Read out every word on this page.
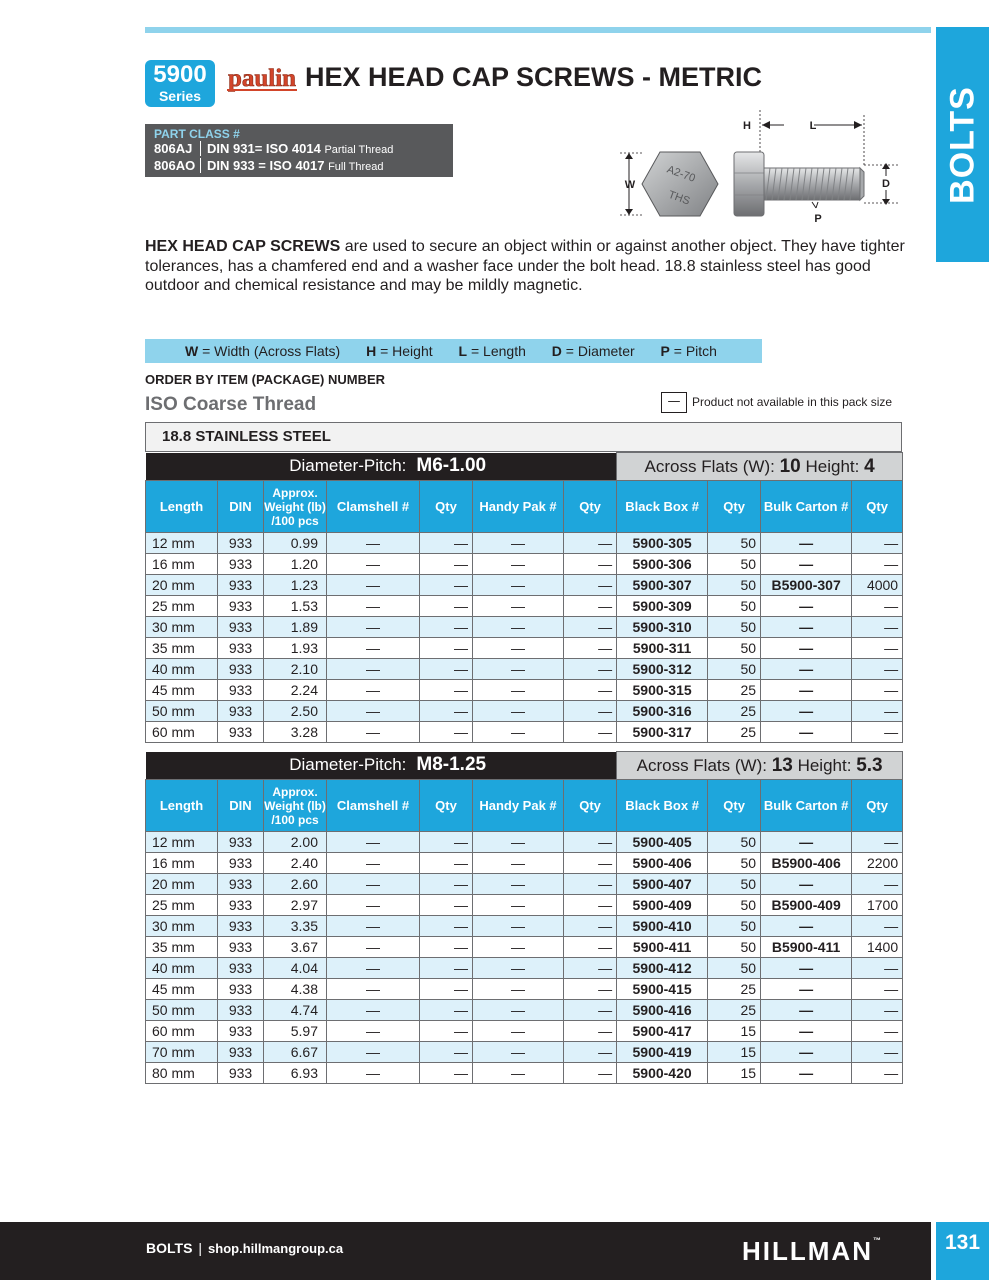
BOLTS
5900
Series
paulin HEX HEAD CAP SCREWS - METRIC
PART CLASS #
806AJ DIN 931= ISO 4014 Partial Thread
806AO DIN 933 = ISO 4017 Full Thread
W
A2-70
THS
H	L
D
P

HEX HEAD CAP SCREWS are used to secure an object within or against another object. They have tighter tolerances, has a chamfered end and a washer face under the bolt head. 18.8 stainless steel has good outdoor and chemical resistance and may be mildly magnetic.

W = Width (Across Flats) H = Height L = Length D = Diameter P = Pitch
ORDER BY ITEM (PACKAGE) NUMBER
ISO Coarse Thread	— Product not available in this pack size
18.8 STAINLESS STEEL
Diameter-Pitch: M6-1.00							Across Flats (W): 10 Height: 4			
Length	DIN	Approx. Weight (lb) /100 pcs	Clamshell #	Qty	Handy Pak #	Qty	Black Box #	Qty	Bulk Carton #	Qty
12 mm	933	0.99	—	—	—	—	5900-305	50	—	—
16 mm	933	1.20	—	—	—	—	5900-306	50	—	—
20 mm	933	1.23	—	—	—	—	5900-307	50	B5900-307	4000
25 mm	933	1.53	—	—	—	—	5900-309	50	—	—
30 mm	933	1.89	—	—	—	—	5900-310	50	—	—
35 mm	933	1.93	—	—	—	—	5900-311	50	—	—
40 mm	933	2.10	—	—	—	—	5900-312	50	—	—
45 mm	933	2.24	—	—	—	—	5900-315	25	—	—
50 mm	933	2.50	—	—	—	—	5900-316	25	—	—
60 mm	933	3.28	—	—	—	—	5900-317	25	—	—
Diameter-Pitch: M8-1.25							Across Flats (W): 13 Height: 5.3			
Length	DIN	Approx. Weight (lb) /100 pcs	Clamshell #	Qty	Handy Pak #	Qty	Black Box #	Qty	Bulk Carton #	Qty
12 mm	933	2.00	—	—	—	—	5900-405	50	—	—
16 mm	933	2.40	—	—	—	—	5900-406	50	B5900-406	2200
20 mm	933	2.60	—	—	—	—	5900-407	50	—	—
25 mm	933	2.97	—	—	—	—	5900-409	50	B5900-409	1700
30 mm	933	3.35	—	—	—	—	5900-410	50	—	—
35 mm	933	3.67	—	—	—	—	5900-411	50	B5900-411	1400
40 mm	933	4.04	—	—	—	—	5900-412	50	—	—
45 mm	933	4.38	—	—	—	—	5900-415	25	—	—
50 mm	933	4.74	—	—	—	—	5900-416	25	—	—
60 mm	933	5.97	—	—	—	—	5900-417	15	—	—
70 mm	933	6.67	—	—	—	—	5900-419	15	—	—
80 mm	933	6.93	—	—	—	—	5900-420	15	—	—
BOLTS | shop.hillmangroup.ca	HILLMAN™	131
